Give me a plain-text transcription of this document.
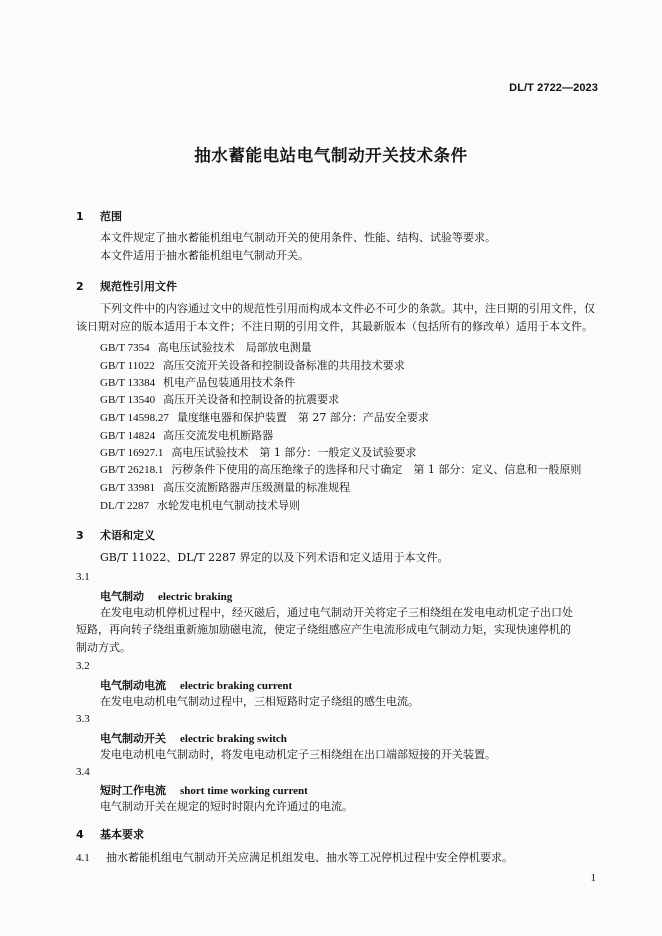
DL/T 2722—2023
抽水蓄能电站电气制动开关技术条件
1 范围
本文件规定了抽水蓄能机组电气制动开关的使用条件、性能、结构、试验等要求。
本文件适用于抽水蓄能机组电气制动开关。
2 规范性引用文件
下列文件中的内容通过文中的规范性引用而构成本文件必不可少的条款。其中，注日期的引用文件，仅
该日期对应的版本适用于本文件；不注日期的引用文件，其最新版本（包括所有的修改单）适用于本文件。
GB/T 7354 高电压试验技术　局部放电测量
GB/T 11022 高压交流开关设备和控制设备标准的共用技术要求
GB/T 13384 机电产品包装通用技术条件
GB/T 13540 高压开关设备和控制设备的抗震要求
GB/T 14598.27 量度继电器和保护装置　第 27 部分：产品安全要求
GB/T 14824 高压交流发电机断路器
GB/T 16927.1 高电压试验技术　第 1 部分：一般定义及试验要求
GB/T 26218.1 污秽条件下使用的高压绝缘子的选择和尺寸确定　第 1 部分：定义、信息和一般原则
GB/T 33981 高压交流断路器声压级测量的标准规程
DL/T 2287 水轮发电机电气制动技术导则
3 术语和定义
GB/T 11022、DL/T 2287 界定的以及下列术语和定义适用于本文件。
3.1
电气制动 electric braking
在发电电动机停机过程中，经灭磁后，通过电气制动开关将定子三相绕组在发电电动机定子出口处
短路，再向转子绕组重新施加励磁电流，使定子绕组感应产生电流形成电气制动力矩，实现快速停机的
制动方式。
3.2
电气制动电流 electric braking current
在发电电动机电气制动过程中，三相短路时定子绕组的感生电流。
3.3
电气制动开关 electric braking switch
发电电动机电气制动时，将发电电动机定子三相绕组在出口端部短接的开关装置。
3.4
短时工作电流 short time working current
电气制动开关在规定的短时时限内允许通过的电流。
4 基本要求
4.1 抽水蓄能机组电气制动开关应满足机组发电、抽水等工况停机过程中安全停机要求。
1
